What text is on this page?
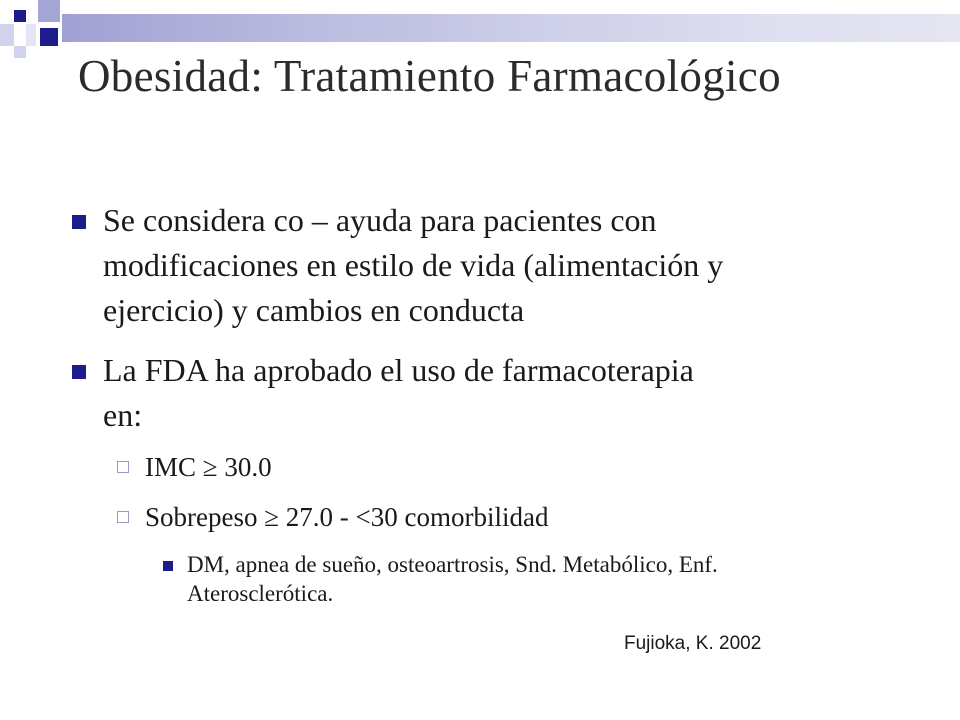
Obesidad: Tratamiento Farmacológico
Se considera co – ayuda para pacientes con
modificaciones en estilo de vida (alimentación y
ejercicio) y cambios en conducta
La FDA ha aprobado el uso de farmacoterapia
en:
IMC ≥ 30.0
Sobrepeso ≥ 27.0 - <30 comorbilidad
DM, apnea de sueño, osteoartrosis, Snd. Metabólico, Enf.
Aterosclerótica.
Fujioka, K. 2002
